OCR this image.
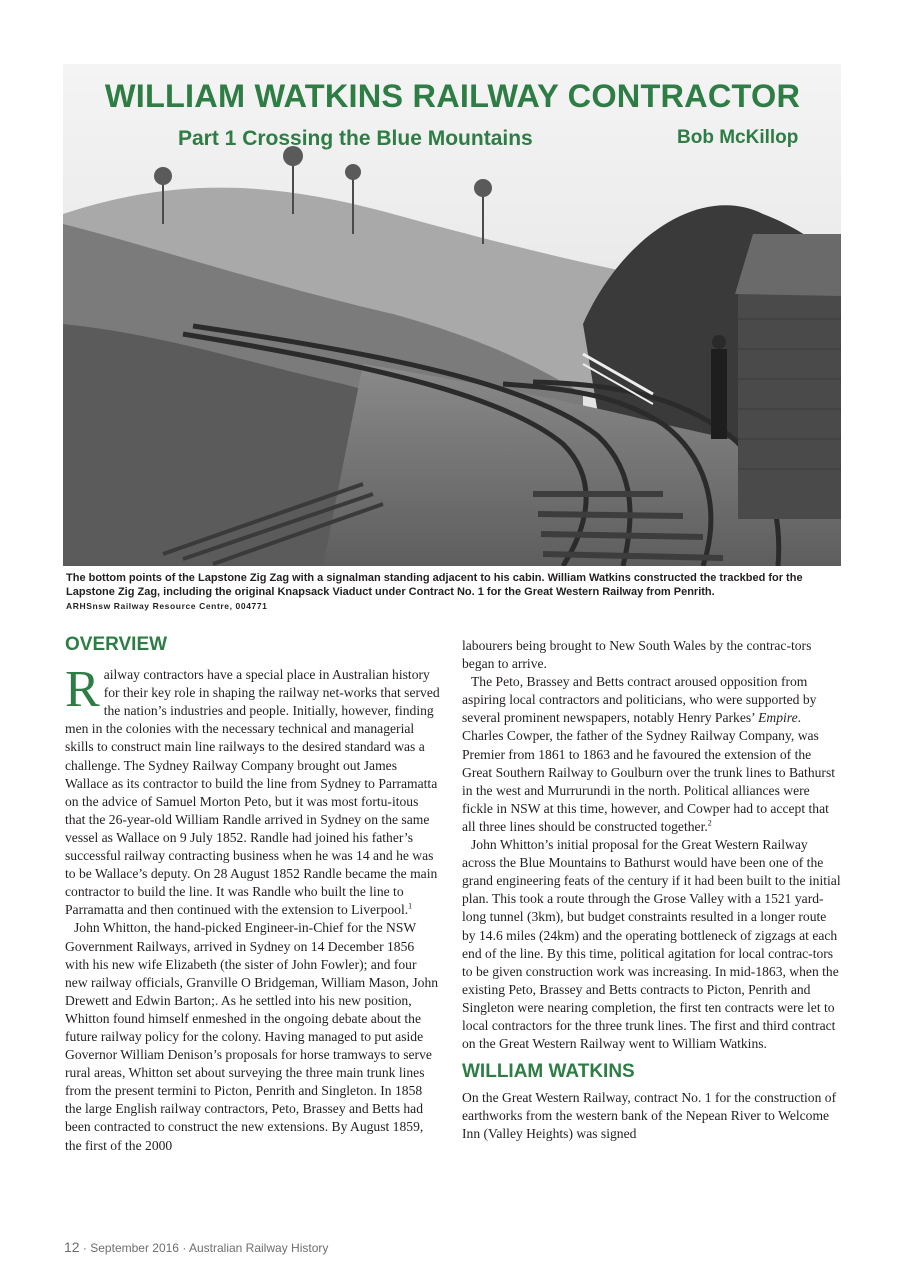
WILLIAM WATKINS RAILWAY CONTRACTOR
Part 1 Crossing the Blue Mountains	Bob McKillop
The bottom points of the Lapstone Zig Zag with a signalman standing adjacent to his cabin. William Watkins constructed the trackbed for the Lapstone Zig Zag, including the original Knapsack Viaduct under Contract No. 1 for the Great Western Railway from Penrith.
ARHSnsw Railway Resource Centre, 004771
OVERVIEW

Railway contractors have a special place in Australian history for their key role in shaping the railway net-works that served the nation’s industries and people. Initially, however, finding men in the colonies with the necessary technical and managerial skills to construct main line railways to the desired standard was a challenge. The Sydney Railway Company brought out James Wallace as its contractor to build the line from Sydney to Parramatta on the advice of Samuel Morton Peto, but it was most fortu-itous that the 26-year-old William Randle arrived in Sydney on the same vessel as Wallace on 9 July 1852. Randle had joined his father’s successful railway contracting business when he was 14 and he was to be Wallace’s deputy. On 28 August 1852 Randle became the main contractor to build the line. It was Randle who built the line to Parramatta and then continued with the extension to Liverpool.$^1$

John Whitton, the hand-picked Engineer-in-Chief for the NSW Government Railways, arrived in Sydney on 14 December 1856 with his new wife Elizabeth (the sister of John Fowler); and four new railway officials, Granville O Bridgeman, William Mason, John Drewett and Edwin Barton;. As he settled into his new position, Whitton found himself enmeshed in the ongoing debate about the future railway policy for the colony. Having managed to put aside Governor William Denison’s proposals for horse tramways to serve rural areas, Whitton set about surveying the three main trunk lines from the present termini to Picton, Penrith and Singleton. In 1858 the large English railway contractors, Peto, Brassey and Betts had been contracted to construct the new extensions. By August 1859, the first of the 2000

labourers being brought to New South Wales by the contrac-tors began to arrive.

The Peto, Brassey and Betts contract aroused opposition from aspiring local contractors and politicians, who were supported by several prominent newspapers, notably Henry Parkes’ Empire. Charles Cowper, the father of the Sydney Railway Company, was Premier from 1861 to 1863 and he favoured the extension of the Great Southern Railway to Goulburn over the trunk lines to Bathurst in the west and Murrurundi in the north. Political alliances were fickle in NSW at this time, however, and Cowper had to accept that all three lines should be constructed together.$^2$

John Whitton’s initial proposal for the Great Western Railway across the Blue Mountains to Bathurst would have been one of the grand engineering feats of the century if it had been built to the initial plan. This took a route through the Grose Valley with a 1521 yard-long tunnel (3km), but budget constraints resulted in a longer route by 14.6 miles (24km) and the operating bottleneck of zigzags at each end of the line. By this time, political agitation for local contrac-tors to be given construction work was increasing. In mid-1863, when the existing Peto, Brassey and Betts contracts to Picton, Penrith and Singleton were nearing completion, the first ten contracts were let to local contractors for the three trunk lines. The first and third contract on the Great Western Railway went to William Watkins.

WILLIAM WATKINS

On the Great Western Railway, contract No. 1 for the construction of earthworks from the western bank of the Nepean River to Welcome Inn (Valley Heights) was signed

12 · September 2016 · Australian Railway History
